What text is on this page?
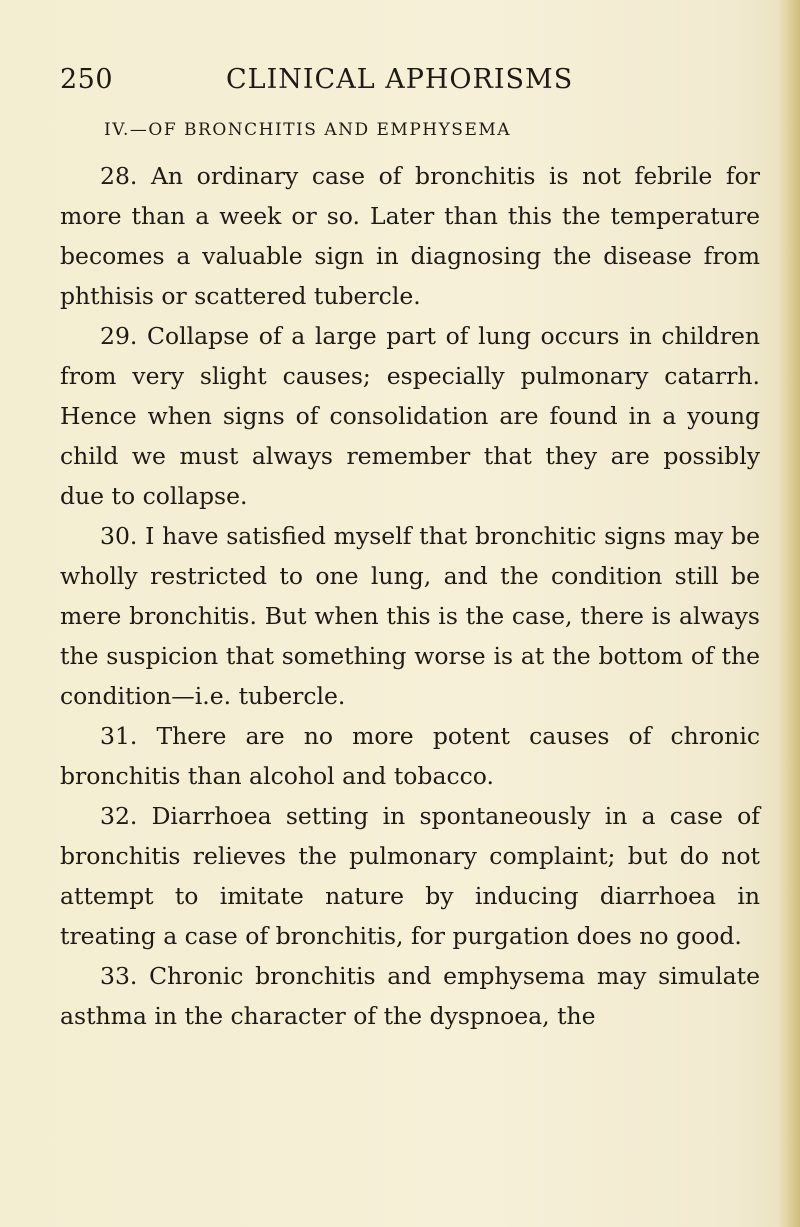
250	CLINICAL APHORISMS
IV.—OF BRONCHITIS AND EMPHYSEMA

28. An ordinary case of bronchitis is not febrile for more than a week or so. Later than this the temperature becomes a valuable sign in diagnosing the disease from phthisis or scattered tubercle.

29. Collapse of a large part of lung occurs in children from very slight causes; especially pulmonary catarrh. Hence when signs of consolidation are found in a young child we must always remember that they are possibly due to collapse.

30. I have satisfied myself that bronchitic signs may be wholly restricted to one lung, and the condition still be mere bronchitis. But when this is the case, there is always the suspicion that something worse is at the bottom of the condition—i.e. tubercle.

31. There are no more potent causes of chronic bronchitis than alcohol and tobacco.

32. Diarrhoea setting in spontaneously in a case of bronchitis relieves the pulmonary complaint; but do not attempt to imitate nature by inducing diarrhoea in treating a case of bronchitis, for purgation does no good.

33. Chronic bronchitis and emphysema may simulate asthma in the character of the dyspnoea, the
